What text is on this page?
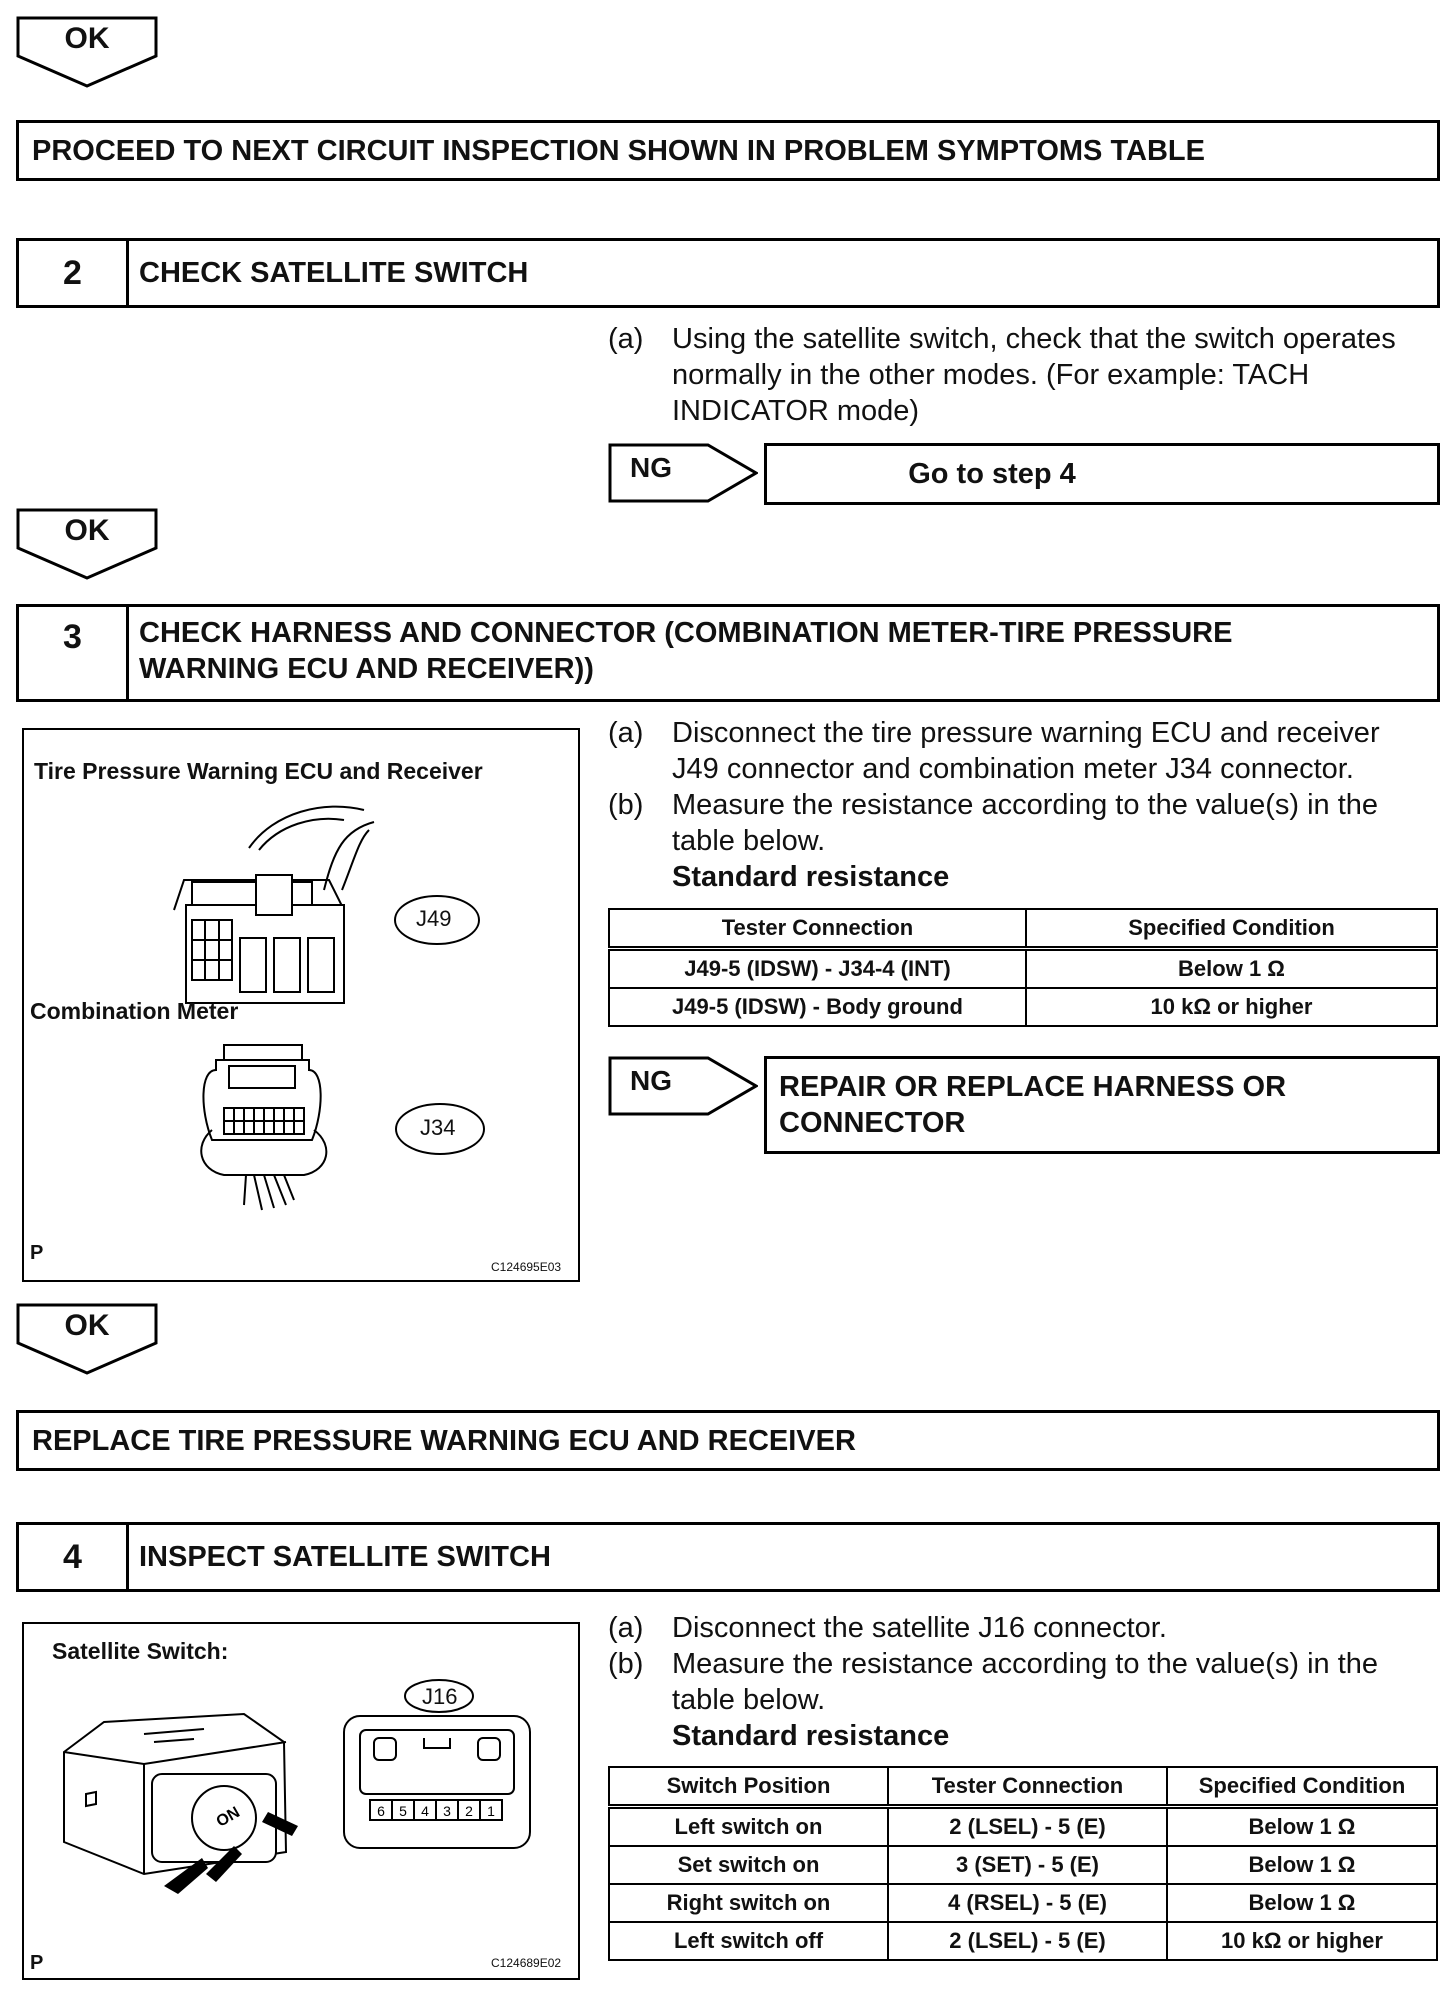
OK
PROCEED TO NEXT CIRCUIT INSPECTION SHOWN IN PROBLEM SYMPTOMS TABLE
2	CHECK SATELLITE SWITCH
(a) Using the satellite switch, check that the switch operates
normally in the other modes. (For example: TACH
INDICATOR mode)
NG	Go to step 4
OK
3	CHECK HARNESS AND CONNECTOR (COMBINATION METER-TIRE PRESSURE
WARNING ECU AND RECEIVER))
Tire Pressure Warning ECU and Receiver
J49
Combination Meter
J34
P
C124695E03
(a) Disconnect the tire pressure warning ECU and receiver
J49 connector and combination meter J34 connector.
(b) Measure the resistance according to the value(s) in the
table below.
Standard resistance
Tester Connection	Specified Condition
J49-5 (IDSW) - J34-4 (INT)	Below 1 Ω
J49-5 (IDSW) - Body ground	10 kΩ or higher
NG	REPAIR OR REPLACE HARNESS OR
CONNECTOR
OK
REPLACE TIRE PRESSURE WARNING ECU AND RECEIVER
4	INSPECT SATELLITE SWITCH
Satellite Switch:
ON	6 5 4 3 2 1
J16
P	C124689E02
(a) Disconnect the satellite J16 connector.
(b) Measure the resistance according to the value(s) in the
table below.
Standard resistance
Switch Position	Tester Connection	Specified Condition
Left switch on	2 (LSEL) - 5 (E)	Below 1 Ω
Set switch on	3 (SET) - 5 (E)	Below 1 Ω
Right switch on	4 (RSEL) - 5 (E)	Below 1 Ω
Left switch off	2 (LSEL) - 5 (E)	10 kΩ or higher
